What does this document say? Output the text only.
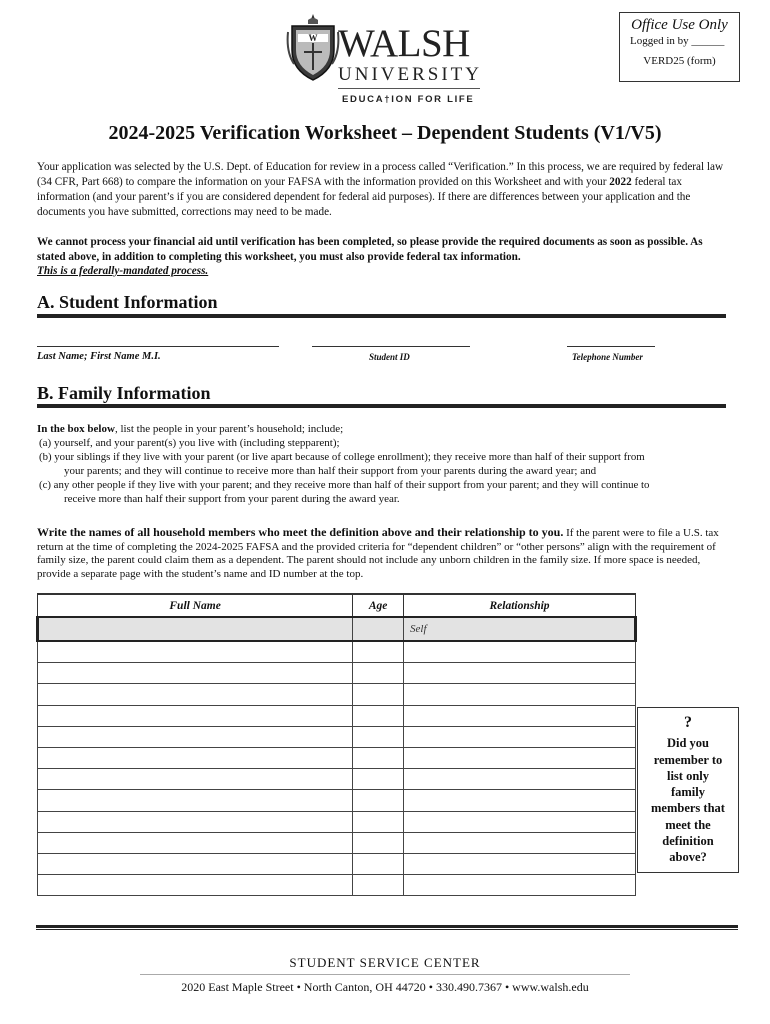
W WALSH
UNIVERSITY
EDUCA†ION FOR LIFE
Office Use Only
Logged in by ______
VERD25 (form)
2024-2025 Verification Worksheet – Dependent Students (V1/V5)
Your application was selected by the U.S. Dept. of Education for review in a process called “Verification.” In this process, we are required by federal law (34 CFR, Part 668) to compare the information on your FAFSA with the information provided on this Worksheet and with your 2022 federal tax information (and your parent’s if you are considered dependent for federal aid purposes). If there are differences between your application and the documents you have submitted, corrections may need to be made.
We cannot process your financial aid until verification has been completed, so please provide the required documents as soon as possible. As stated above, in addition to completing this worksheet, you must also provide federal tax information.
This is a federally-mandated process.
A. Student Information
Last Name; First Name M.I.	Student ID	Telephone Number
B. Family Information
In the box below, list the people in your parent’s household; include;
(a) yourself, and your parent(s) you live with (including stepparent);
(b) your siblings if they live with your parent (or live apart because of college enrollment); they receive more than half of their support from
your parents; and they will continue to receive more than half their support from your parents during the award year; and
(c) any other people if they live with your parent; and they receive more than half of their support from your parent; and they will continue to
receive more than half their support from your parent during the award year.
Write the names of all household members who meet the definition above and their relationship to you. If the parent were to file a U.S. tax return at the time of completing the 2024-2025 FAFSA and the provided criteria for “dependent children” or “other persons” align with the requirement of family size, the parent could claim them as a dependent. The parent should not include any unborn children in the family size. If more space is needed, provide a separate page with the student’s name and ID number at the top.
Full Name	Age	Relationship
		Self

?
Did you
remember to
list only
family
members that
meet the
definition
above?
STUDENT SERVICE CENTER
2020 East Maple Street • North Canton, OH 44720 • 330.490.7367 • www.walsh.edu
